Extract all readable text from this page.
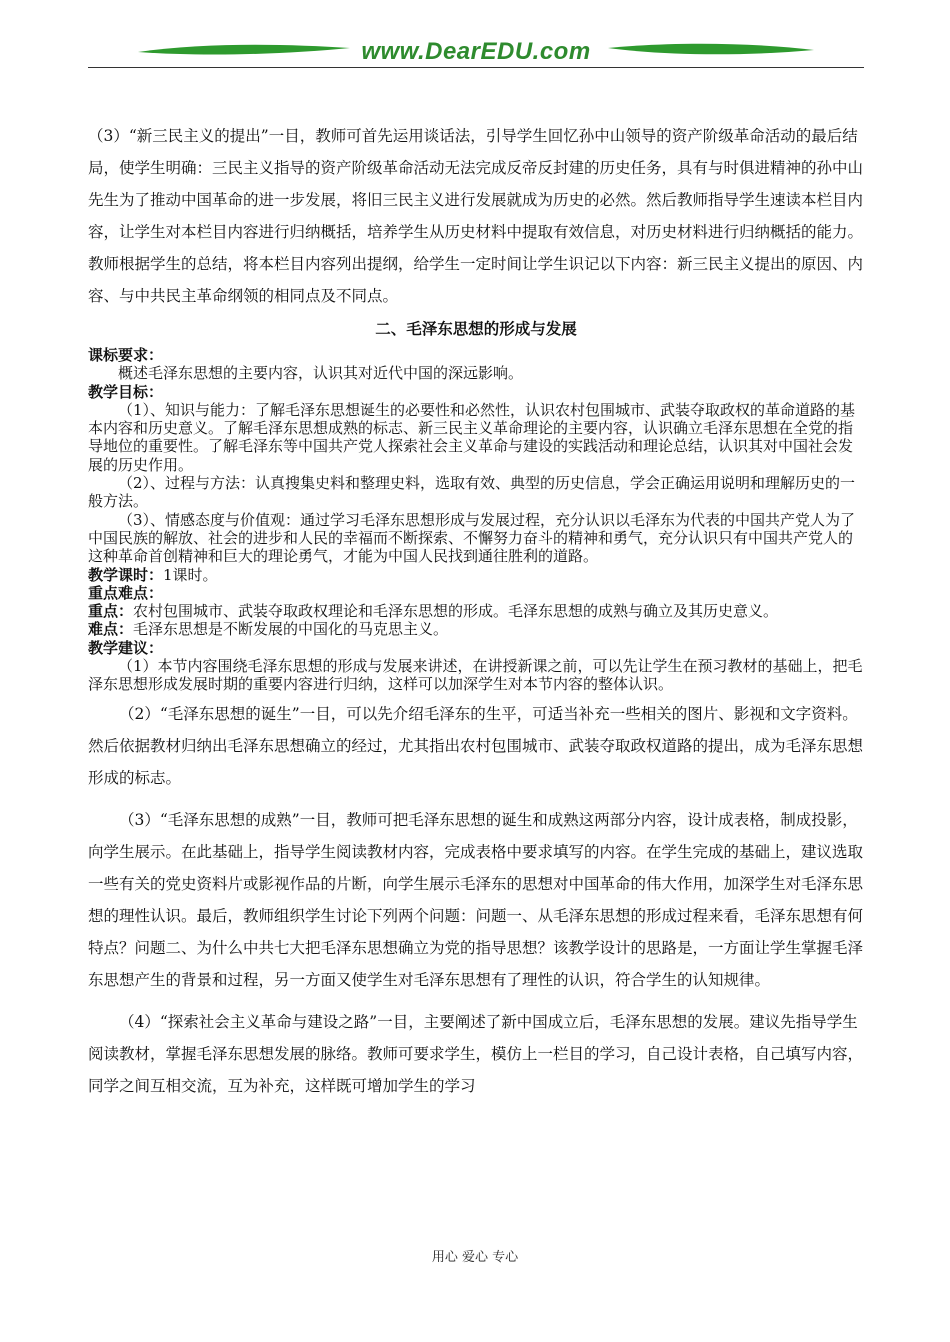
www.DearEDU.com

（3）“新三民主义的提出”一目，教师可首先运用谈话法，引导学生回忆孙中山领导的资产阶级革命活动的最后结局，使学生明确：三民主义指导的资产阶级革命活动无法完成反帝反封建的历史任务，具有与时俱进精神的孙中山先生为了推动中国革命的进一步发展，将旧三民主义进行发展就成为历史的必然。然后教师指导学生速读本栏目内容，让学生对本栏目内容进行归纳概括，培养学生从历史材料中提取有效信息，对历史材料进行归纳概括的能力。教师根据学生的总结，将本栏目内容列出提纲，给学生一定时间让学生识记以下内容：新三民主义提出的原因、内容、与中共民主革命纲领的相同点及不同点。

二、毛泽东思想的形成与发展

课标要求：

概述毛泽东思想的主要内容，认识其对近代中国的深远影响。

教学目标：

（1）、知识与能力：了解毛泽东思想诞生的必要性和必然性，认识农村包围城市、武装夺取政权的革命道路的基本内容和历史意义。了解毛泽东思想成熟的标志、新三民主义革命理论的主要内容，认识确立毛泽东思想在全党的指导地位的重要性。了解毛泽东等中国共产党人探索社会主义革命与建设的实践活动和理论总结，认识其对中国社会发展的历史作用。

（2）、过程与方法：认真搜集史料和整理史料，选取有效、典型的历史信息，学会正确运用说明和理解历史的一般方法。

（3）、情感态度与价值观：通过学习毛泽东思想形成与发展过程，充分认识以毛泽东为代表的中国共产党人为了中国民族的解放、社会的进步和人民的幸福而不断探索、不懈努力奋斗的精神和勇气，充分认识只有中国共产党人的这种革命首创精神和巨大的理论勇气，才能为中国人民找到通往胜利的道路。

教学课时：1课时。

重点难点：

重点：农村包围城市、武装夺取政权理论和毛泽东思想的形成。毛泽东思想的成熟与确立及其历史意义。

难点：毛泽东思想是不断发展的中国化的马克思主义。

教学建议：

（1）本节内容围绕毛泽东思想的形成与发展来讲述，在讲授新课之前，可以先让学生在预习教材的基础上，把毛泽东思想形成发展时期的重要内容进行归纳，这样可以加深学生对本节内容的整体认识。

（2）“毛泽东思想的诞生”一目，可以先介绍毛泽东的生平，可适当补充一些相关的图片、影视和文字资料。然后依据教材归纳出毛泽东思想确立的经过，尤其指出农村包围城市、武装夺取政权道路的提出，成为毛泽东思想形成的标志。

（3）“毛泽东思想的成熟”一目，教师可把毛泽东思想的诞生和成熟这两部分内容，设计成表格，制成投影，向学生展示。在此基础上，指导学生阅读教材内容，完成表格中要求填写的内容。在学生完成的基础上，建议选取一些有关的党史资料片或影视作品的片断，向学生展示毛泽东的思想对中国革命的伟大作用，加深学生对毛泽东思想的理性认识。最后，教师组织学生讨论下列两个问题：问题一、从毛泽东思想的形成过程来看，毛泽东思想有何特点？问题二、为什么中共七大把毛泽东思想确立为党的指导思想？该教学设计的思路是，一方面让学生掌握毛泽东思想产生的背景和过程，另一方面又使学生对毛泽东思想有了理性的认识，符合学生的认知规律。

（4）“探索社会主义革命与建设之路”一目，主要阐述了新中国成立后，毛泽东思想的发展。建议先指导学生阅读教材，掌握毛泽东思想发展的脉络。教师可要求学生，模仿上一栏目的学习，自己设计表格，自己填写内容，同学之间互相交流，互为补充，这样既可增加学生的学习

用心 爱心 专心
